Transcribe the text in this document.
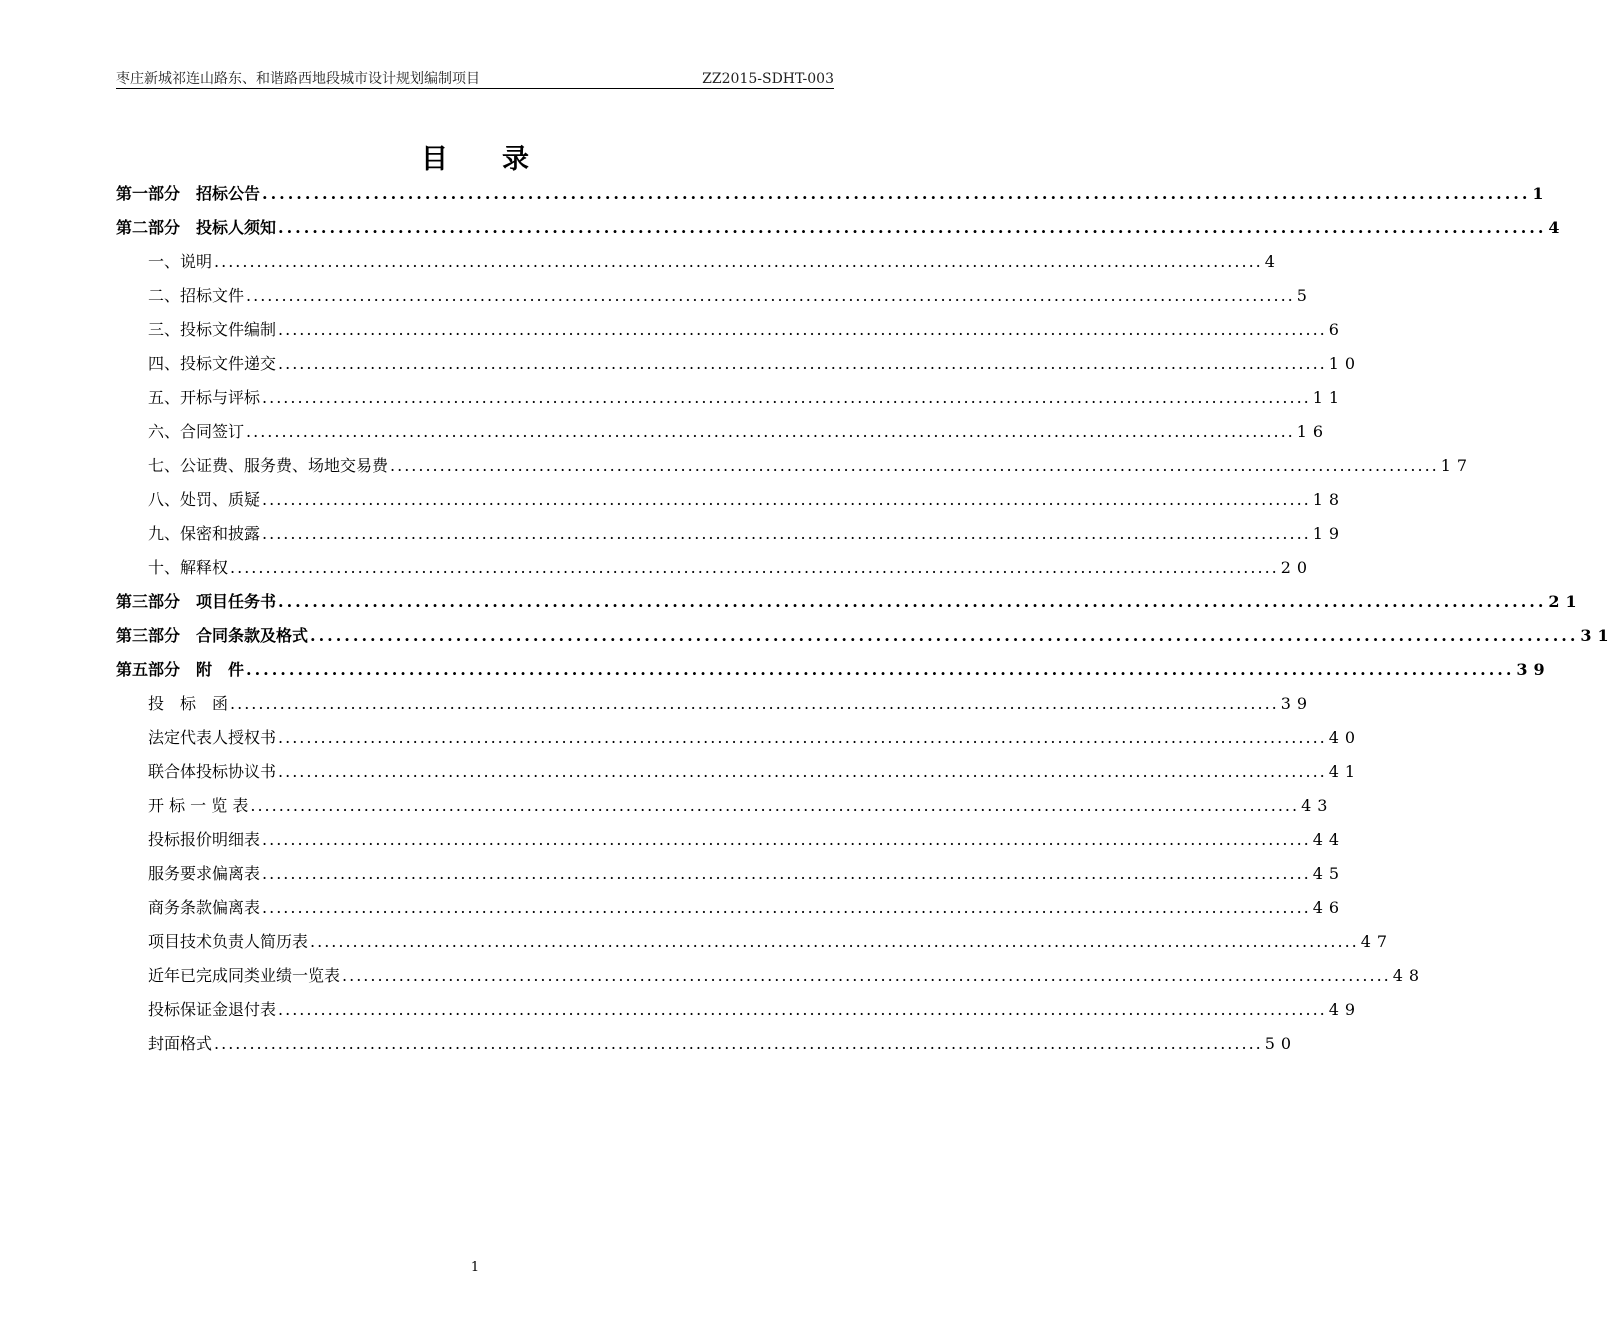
枣庄新城祁连山路东、和谐路西地段城市设计规划编制项目	ZZ2015-SDHT-003
目录
第一部分　招标公告 .....	1
第二部分　投标人须知 .....	4
一、说明 .....	4
二、招标文件 .....	5
三、投标文件编制 .....	6
四、投标文件递交 .....	10
五、开标与评标 .....	11
六、合同签订 .....	16
七、公证费、服务费、场地交易费 .....	17
八、处罚、质疑 .....	18
九、保密和披露 .....	19
十、解释权 .....	20
第三部分　项目任务书 .....	21
第三部分　合同条款及格式 .....	31
第五部分　附　件 .....	39
投　标　函 .....	39
法定代表人授权书 .....	40
联合体投标协议书 .....	41
开 标 一 览 表 .....	43
投标报价明细表 .....	44
服务要求偏离表 .....	45
商务条款偏离表 .....	46
项目技术负责人简历表 .....	47
近年已完成同类业绩一览表 .....	48
投标保证金退付表 .....	49
封面格式 .....	50
1
